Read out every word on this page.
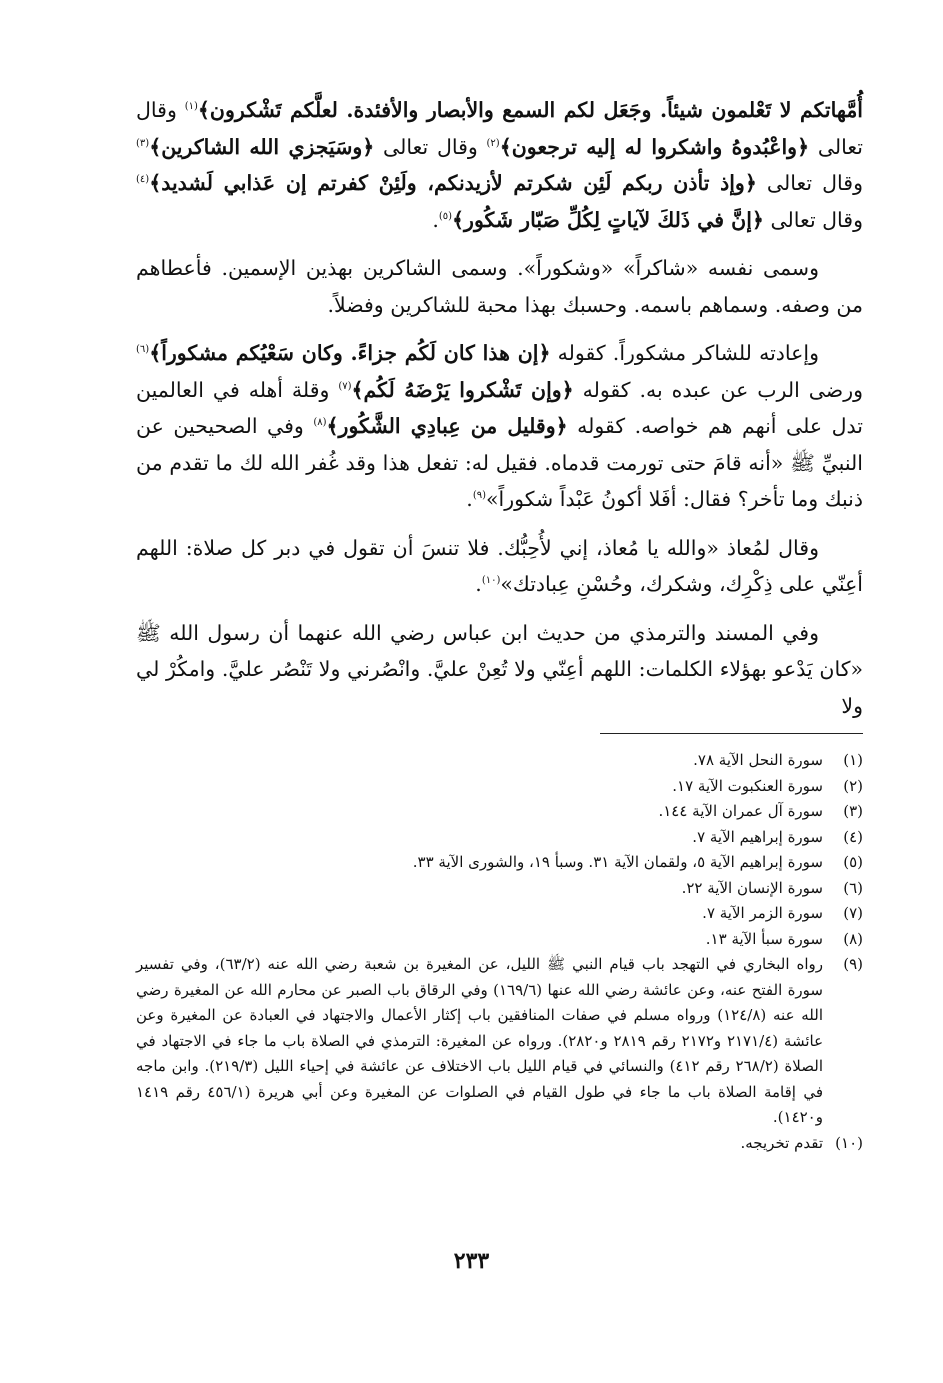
أُمَّهاتكم لا تَعْلمون شيئاً. وجَعَل لكم السمع والأبصار والأفئدة. لعلَّكم تَشْكرون﴾$^{(١)}$ وقال تعالى ﴿واعْبُدوهُ واشكروا له إليه ترجعون﴾$^{(٢)}$ وقال تعالى ﴿وسَيَجزي الله الشاكرين﴾$^{(٣)}$ وقال تعالى ﴿وإذ تأذن ربكم لَئِن شكرتم لأزيدنكم، ولَئِنْ كفرتم إن عَذابي لَشديد﴾$^{(٤)}$ وقال تعالى ﴿إنَّ في ذَلكَ لآياتٍ لِكُلِّ صَبّار شَكُور﴾$^{(٥)}$.

وسمى نفسه «شاكراً» «وشكوراً». وسمى الشاكرين بهذين الإسمين. فأعطاهم من وصفه. وسماهم باسمه. وحسبك بهذا محبة للشاكرين وفضلاً.

وإعادته للشاكر مشكوراً. كقوله ﴿إن هذا كان لَكُم جزاءً. وكان سَعْيُكم مشكوراً﴾$^{(٦)}$ ورضى الرب عن عبده به. كقوله ﴿وإن تَشْكروا يَرْضَهُ لَكُم﴾$^{(٧)}$ وقلة أهله في العالمين تدل على أنهم هم خواصه. كقوله ﴿وقليل من عِبادِي الشَّكُور﴾$^{(٨)}$ وفي الصحيحين عن النبيِّ ﷺ «أنه قامَ حتى تورمت قدماه. فقيل له: تفعل هذا وقد غُفر الله لك ما تقدم من ذنبك وما تأخر؟ فقال: أفَلا أكونُ عَبْداً شكوراً»$^{(٩)}$.

وقال لمُعاذ «والله يا مُعاذ، إني لأُحِبُّك. فلا تنسَ أن تقول في دبر كل صلاة: اللهم أعِنّي على ذِكْرِك، وشكرك، وحُسْنِ عِبادتك»$^{(١٠)}$.

وفي المسند والترمذي من حديث ابن عباس رضي الله عنهما أن رسول الله ﷺ «كان يَدْعو بهؤلاء الكلمات: اللهم أعِنّي ولا تُعِنْ عليَّ. وانْصُرني ولا تَنْصُر عليَّ. وامكُرْ لي ولا

(١)
سورة النحل الآية ٧٨.
(٢)
سورة العنكبوت الآية ١٧.
(٣)
سورة آل عمران الآية ١٤٤.
(٤)
سورة إبراهيم الآية ٧.
(٥)
سورة إبراهيم الآية ٥، ولقمان الآية ٣١. وسبأ ١٩، والشورى الآية ٣٣.
(٦)
سورة الإنسان الآية ٢٢.
(٧)
سورة الزمر الآية ٧.
(٨)
سورة سبأ الآية ١٣.
(٩)
رواه البخاري في التهجد باب قيام النبي ﷺ الليل، عن المغيرة بن شعبة رضي الله عنه (٦٣/٢)، وفي تفسير سورة الفتح عنه، وعن عائشة رضي الله عنها (١٦٩/٦) وفي الرقاق باب الصبر عن محارم الله عن المغيرة رضي الله عنه (١٢٤/٨) ورواه مسلم في صفات المنافقين باب إكثار الأعمال والاجتهاد في العبادة عن المغيرة وعن عائشة (٢١٧١/٤ و٢١٧٢ رقم ٢٨١٩ و٢٨٢٠). ورواه عن المغيرة: الترمذي في الصلاة باب ما جاء في الاجتهاد في الصلاة (٢٦٨/٢ رقم ٤١٢) والنسائي في قيام الليل باب الاختلاف عن عائشة في إحياء الليل (٢١٩/٣). وابن ماجه في إقامة الصلاة باب ما جاء في طول القيام في الصلوات عن المغيرة وعن أبي هريرة (٤٥٦/١ رقم ١٤١٩ و١٤٢٠).
(١٠)
تقدم تخريجه.
٢٣٣
